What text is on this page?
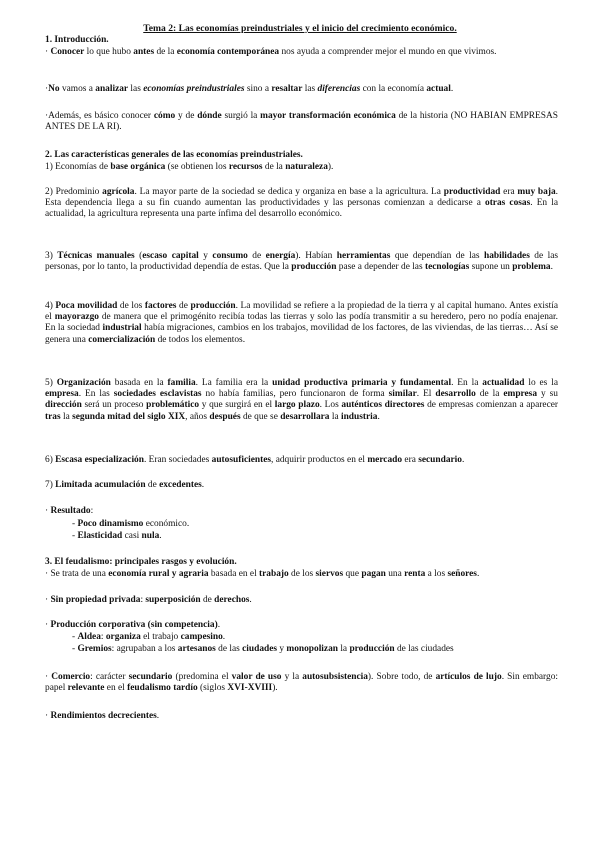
Tema 2: Las economías preindustriales y el inicio del crecimiento económico.
1. Introducción.
· Conocer lo que hubo antes de la economía contemporánea nos ayuda a comprender mejor el mundo en que vivimos.
·No vamos a analizar las economías preindustriales sino a resaltar las diferencias con la economía actual.
·Además, es básico conocer cómo y de dónde surgió la mayor transformación económica de la historia (NO HABIAN EMPRESAS ANTES DE LA RI).
2. Las características generales de las economías preindustriales.
1) Economías de base orgánica (se obtienen los recursos de la naturaleza).
2) Predominio agrícola. La mayor parte de la sociedad se dedica y organiza en base a la agricultura. La productividad era muy baja. Esta dependencia llega a su fin cuando aumentan las productividades y las personas comienzan a dedicarse a otras cosas. En la actualidad, la agricultura representa una parte ínfima del desarrollo económico.
3) Técnicas manuales (escaso capital y consumo de energía). Habían herramientas que dependían de las habilidades de las personas, por lo tanto, la productividad dependía de estas. Que la producción pase a depender de las tecnologías supone un problema.
4) Poca movilidad de los factores de producción. La movilidad se refiere a la propiedad de la tierra y al capital humano. Antes existía el mayorazgo de manera que el primogénito recibía todas las tierras y solo las podía transmitir a su heredero, pero no podía enajenar. En la sociedad industrial había migraciones, cambios en los trabajos, movilidad de los factores, de las viviendas, de las tierras… Así se genera una comercialización de todos los elementos.
5) Organización basada en la familia. La familia era la unidad productiva primaria y fundamental. En la actualidad lo es la empresa. En las sociedades esclavistas no había familias, pero funcionaron de forma similar. El desarrollo de la empresa y su dirección será un proceso problemático y que surgirá en el largo plazo. Los auténticos directores de empresas comienzan a aparecer tras la segunda mitad del siglo XIX, años después de que se desarrollara la industria.
6) Escasa especialización. Eran sociedades autosuficientes, adquirir productos en el mercado era secundario.
7) Limitada acumulación de excedentes.
· Resultado:
- Poco dinamismo económico.
- Elasticidad casi nula.
3. El feudalismo: principales rasgos y evolución.
· Se trata de una economía rural y agraria basada en el trabajo de los siervos que pagan una renta a los señores.
· Sin propiedad privada: superposición de derechos.
· Producción corporativa (sin competencia).
- Aldea: organiza el trabajo campesino.
- Gremios: agrupaban a los artesanos de las ciudades y monopolizan la producción de las ciudades
· Comercio: carácter secundario (predomina el valor de uso y la autosubsistencia). Sobre todo, de artículos de lujo. Sin embargo: papel relevante en el feudalismo tardío (siglos XVI-XVIII).
· Rendimientos decrecientes.
